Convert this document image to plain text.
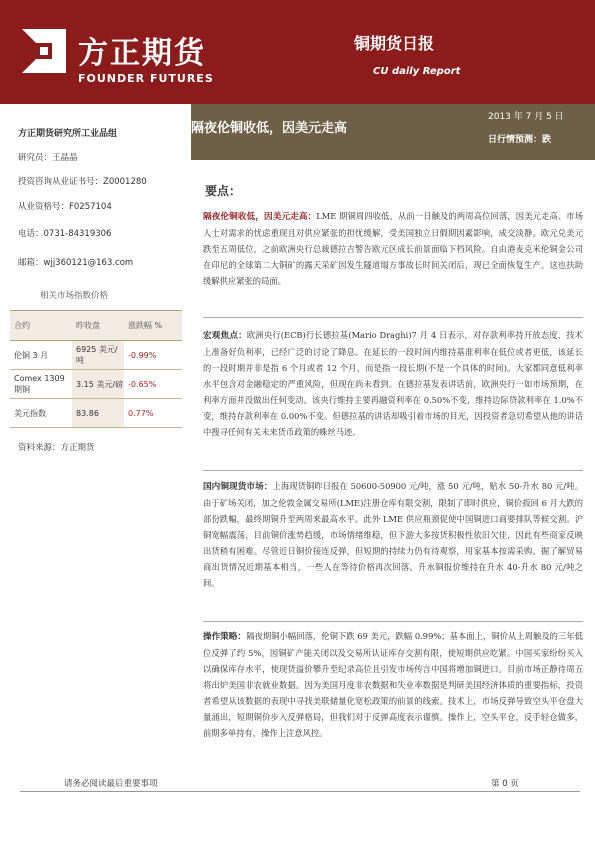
方正期货
FOUNDER FUTURES
铜期货日报
CU daily Report
隔夜伦铜收低，因美元走高
2013 年 7 月 5 日
日行情预测：跌
方正期货研究所工业品组
研究员：王晶晶
投资咨询从业证书号：Z0001280
从业资格号：F0257104
电话：0731-84319306
邮箱：wjj360121@163.com
相关市场指数价格
合约	昨收盘	涨跌幅 %
伦铜 3 月	6925 美元/吨	-0.99%
Comex 1309 期铜	3.15 美元/磅	-0.65%
美元指数	83.86	0.77%
资料来源：方正期货
要点：
隔夜伦铜收低，因美元走高：LME 期铜周四收低，从前一日触及的两周高位回落，因美元走高、市场人士对需求的忧虑重现且对供应紧张的担忧缓解，受美国独立日假期因素影响，成交淡静。欧元兑美元跌至五周低位，之前欧洲央行总裁德拉吉警告欧元区成长前景面临下档风险。自由港麦克米伦铜金公司在印尼的全球第二大铜矿的露天采矿因发生隧道塌方事故长时间关闭后，现已全面恢复生产。这也扶助缓解供应紧张的局面。
宏观焦点：欧洲央行(ECB)行长德拉基(Mario Draghi)7 月 4 日表示，对存款利率持开放态度，技术上准备好负利率，已经广泛的讨论了降息。在延长的一段时间内维持基准利率在低位或者更低，该延长的一段时期并非是指 6 个月或者 12 个月，而是指一段长期(不是一个具体的时间)。大家都同意低利率水平包含对金融稳定的严重风险，但现在尚未看到。在德拉基发表讲话前，欧洲央行一如市场预期，在利率方面并没做出任何变动。该央行维持主要再融资利率在 0.50%不变，维持边际贷款利率在 1.0%不变，维持存款利率在 0.00%不变。但德拉基的讲话却吸引着市场的目光，因投资者急切希望从他的讲话中搜寻任何有关未来货币政策的蛛丝马迹。
国内铜现货市场：上海现货铜昨日报在 50600-50900 元/吨，涨 50 元/吨，贴水 50-升水 80 元/吨。由于矿场关闭，加之伦敦金属交易所(LME)注册仓库有限交割，限制了即时供应，铜价扳回 6 月大跌的部份跌幅，最终期铜升至两周来最高水平。此外 LME 供应瓶颈促使中国铜进口商要排队等候交割。沪铜宽幅震荡，目前铜价涨势趋缓，市场情绪维稳，但下游大多按货积极性依旧欠佳，因此有些商家反映出货稍有困难。尽管近日铜价接连反弹，但短期的持续力仍有待观察，用家基本按需采购。掘了解贸易商出货情况近期基本相当，一些人在等待价格再次回落。升水铜报价维持在升水 40-升水 80 元/吨之间。
操作策略：隔夜期铜小幅回落，伦铜下跌 69 美元，跌幅 0.99%；基本面上，铜价从上周触及的三年低位反弹了约 5%，因铜矿产能关闭以及交易所认证库存交割有限，使短期供应吃紧。中国买家纷纷买入以确保库存水平，使现货溢价攀升至纪录高位且引发市场传言中国将增加铜进口。目前市场正静待周五将出炉美国非农就业数据。因为美国月度非农数据和失业率数据是判研美国经济体质的重要指标，投资者希望从该数据的表现中寻找美联储量化宽松政策的前景的线索。技术上，市场反弹导致空头平仓盘大量涌出，短期铜价步入反弹格局，但我们对于反弹高度表示谨慎。操作上，空头平仓，反手轻仓做多，前期多单持有，操作上注意风控。
请务必阅读最后重要事项	第 0 页
